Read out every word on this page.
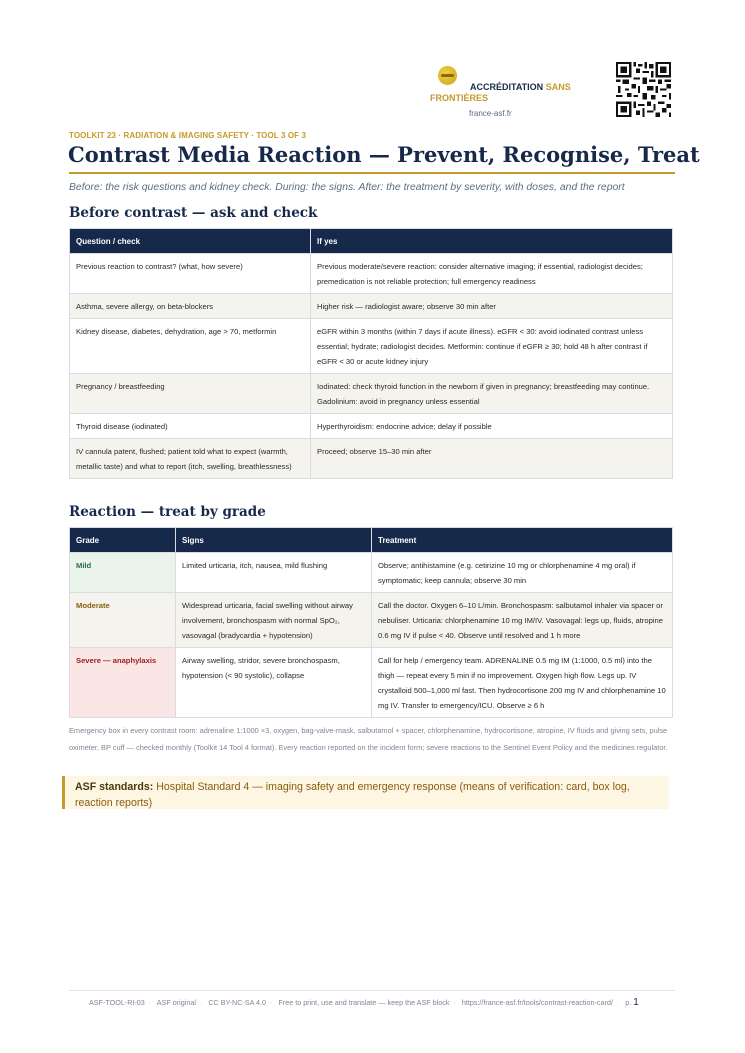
ACCRÉDITATION SANS FRONTIÈRES
france-asf.fr
TOOLKIT 23 · RADIATION & IMAGING SAFETY · TOOL 3 OF 3
Contrast Media Reaction — Prevent, Recognise, Treat
Before: the risk questions and kidney check. During: the signs. After: the treatment by severity, with doses, and the report
Before contrast — ask and check
Question / check	If yes
Previous reaction to contrast? (what, how severe)	Previous moderate/severe reaction: consider alternative imaging; if essential, radiologist decides; premedication is not reliable protection; full emergency readiness
Asthma, severe allergy, on beta-blockers	Higher risk — radiologist aware; observe 30 min after
Kidney disease, diabetes, dehydration, age > 70, metformin	eGFR within 3 months (within 7 days if acute illness). eGFR < 30: avoid iodinated contrast unless essential; hydrate; radiologist decides. Metformin: continue if eGFR ≥ 30; hold 48 h after contrast if eGFR < 30 or acute kidney injury
Pregnancy / breastfeeding	Iodinated: check thyroid function in the newborn if given in pregnancy; breastfeeding may continue. Gadolinium: avoid in pregnancy unless essential
Thyroid disease (iodinated)	Hyperthyroidism: endocrine advice; delay if possible
IV cannula patent, flushed; patient told what to expect (warmth, metallic taste) and what to report (itch, swelling, breathlessness)	Proceed; observe 15–30 min after
Reaction — treat by grade
Grade	Signs	Treatment
Mild	Limited urticaria, itch, nausea, mild flushing	Observe; antihistamine (e.g. cetirizine 10 mg or chlorphenamine 4 mg oral) if symptomatic; keep cannula; observe 30 min
Moderate	Widespread urticaria, facial swelling without airway involvement, bronchospasm with normal SpO₂, vasovagal (bradycardia + hypotension)	Call the doctor. Oxygen 6–10 L/min. Bronchospasm: salbutamol inhaler via spacer or nebuliser. Urticaria: chlorphenamine 10 mg IM/IV. Vasovagal: legs up, fluids, atropine 0.6 mg IV if pulse < 40. Observe until resolved and 1 h more
Severe — anaphylaxis	Airway swelling, stridor, severe bronchospasm, hypotension (< 90 systolic), collapse	Call for help / emergency team. ADRENALINE 0.5 mg IM (1:1000, 0.5 ml) into the thigh — repeat every 5 min if no improvement. Oxygen high flow. Legs up. IV crystalloid 500–1,000 ml fast. Then hydrocortisone 200 mg IV and chlorphenamine 10 mg IV. Transfer to emergency/ICU. Observe ≥ 6 h

Emergency box in every contrast room: adrenaline 1:1000 ×3, oxygen, bag-valve-mask, salbutamol + spacer, chlorphenamine, hydrocortisone, atropine, IV fluids and giving sets, pulse oximeter, BP cuff — checked monthly (Toolkit 14 Tool 4 format). Every reaction reported on the incident form; severe reactions to the Sentinel Event Policy and the medicines regulator.

ASF standards: Hospital Standard 4 — imaging safety and emergency response (means of verification: card, box log, reaction reports)
ASF-TOOL-RI-03 · ASF original · CC BY-NC-SA 4.0 · Free to print, use and translate — keep the ASF block · https://france-asf.fr/tools/contrast-reaction-card/ · p. 1
